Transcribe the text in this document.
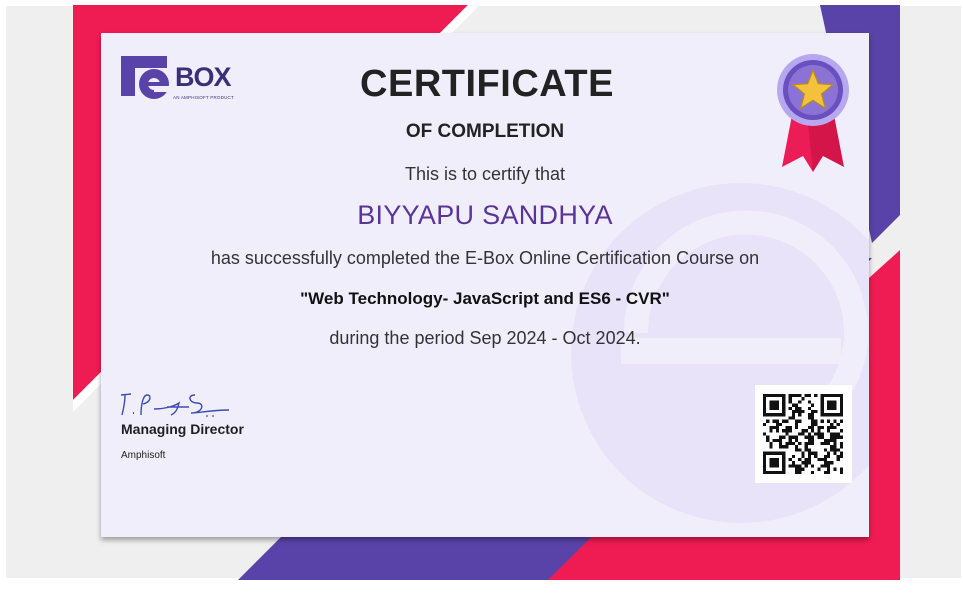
BOX
AN AMPHISOFT PRODUCT	CERTIFICATE
OF COMPLETION
This is to certify that
BIYYAPU SANDHYA
has successfully completed the E-Box Online Certification Course on
"Web Technology- JavaScript and ES6 - CVR"
during the period Sep 2024 - Oct 2024.
Managing Director
Amphisoft
